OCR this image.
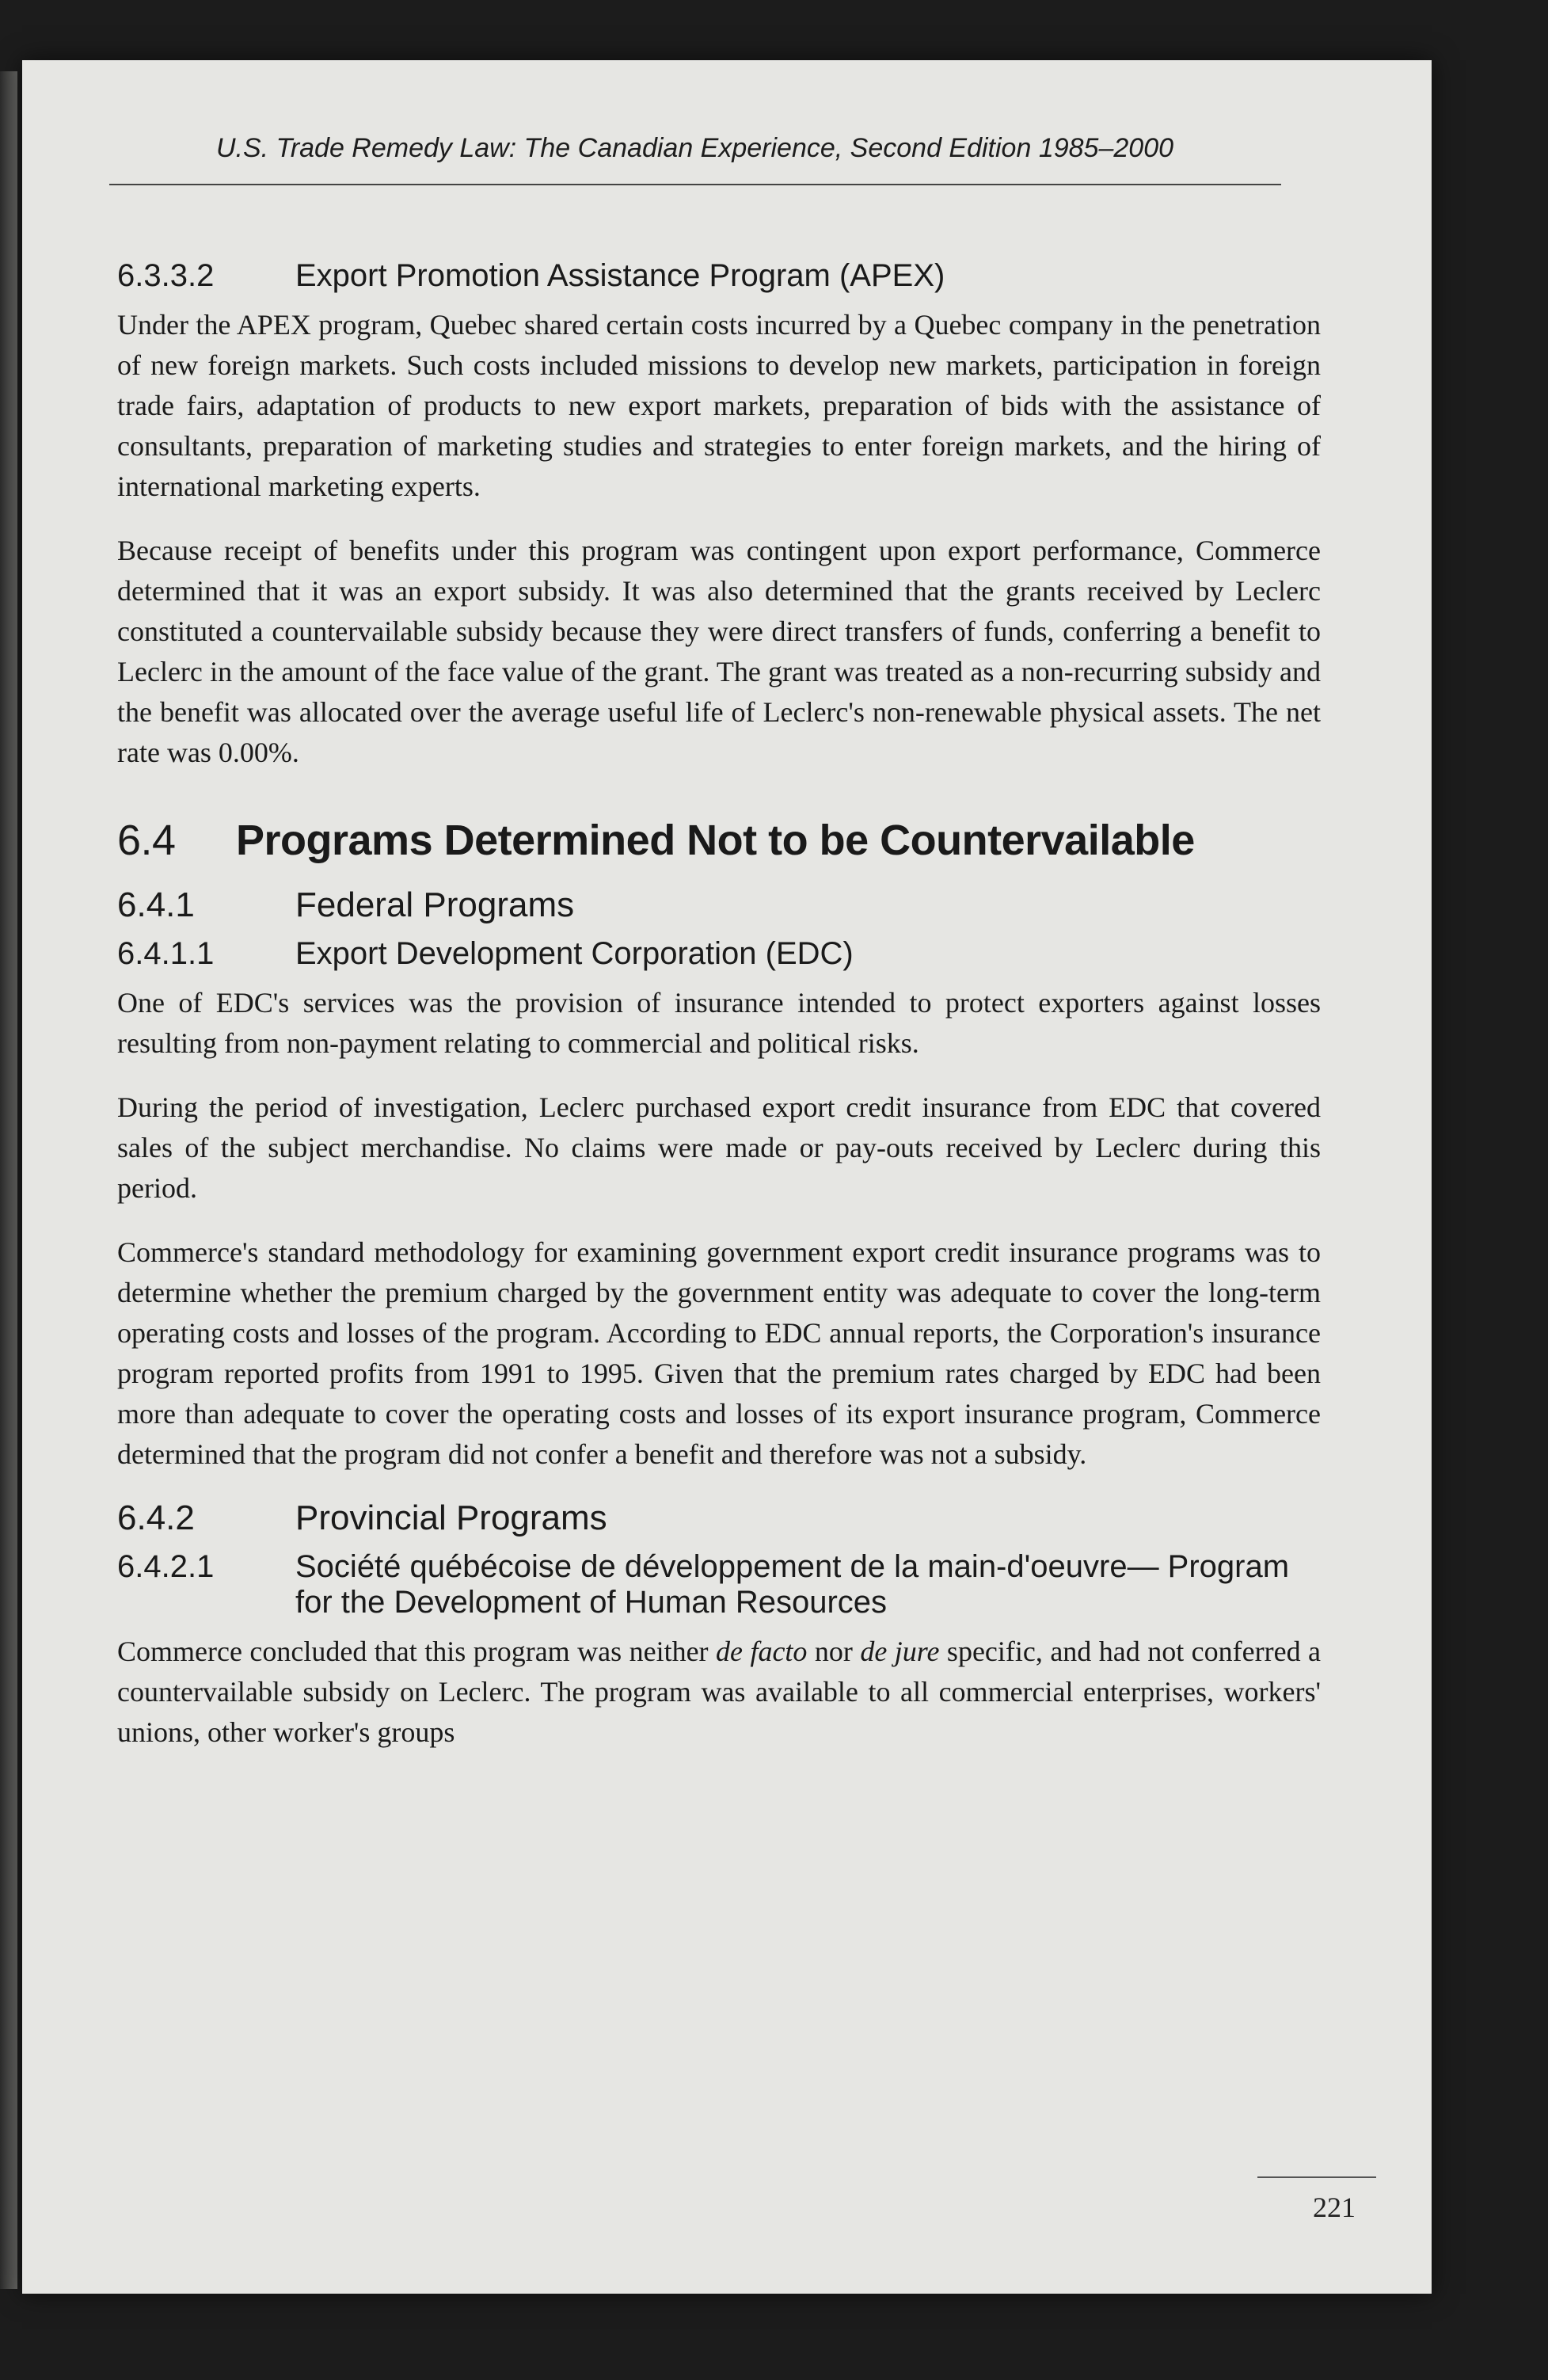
U.S. Trade Remedy Law: The Canadian Experience, Second Edition 1985–2000
6.3.3.2	Export Promotion Assistance Program (APEX)

Under the APEX program, Quebec shared certain costs incurred by a Quebec company in the penetration of new foreign markets. Such costs included missions to develop new markets, participation in foreign trade fairs, adaptation of products to new export markets, preparation of bids with the assistance of consultants, preparation of marketing studies and strategies to enter foreign markets, and the hiring of international marketing experts.

Because receipt of benefits under this program was contingent upon export performance, Commerce determined that it was an export subsidy. It was also determined that the grants received by Leclerc constituted a countervailable subsidy because they were direct transfers of funds, conferring a benefit to Leclerc in the amount of the face value of the grant. The grant was treated as a non-recurring subsidy and the benefit was allocated over the average useful life of Leclerc's non-renewable physical assets. The net rate was 0.00%.

6.4	Programs Determined Not to be Countervailable
6.4.1	Federal Programs
6.4.1.1	Export Development Corporation (EDC)

One of EDC's services was the provision of insurance intended to protect exporters against losses resulting from non-payment relating to commercial and political risks.

During the period of investigation, Leclerc purchased export credit insurance from EDC that covered sales of the subject merchandise. No claims were made or pay-outs received by Leclerc during this period.

Commerce's standard methodology for examining government export credit insurance programs was to determine whether the premium charged by the government entity was adequate to cover the long-term operating costs and losses of the program. According to EDC annual reports, the Corporation's insurance program reported profits from 1991 to 1995. Given that the premium rates charged by EDC had been more than adequate to cover the operating costs and losses of its export insurance program, Commerce determined that the program did not confer a benefit and therefore was not a subsidy.

6.4.2	Provincial Programs
6.4.2.1	Société québécoise de développement de la main-d'oeuvre— Program for the Development of Human Resources

Commerce concluded that this program was neither de facto nor de jure specific, and had not conferred a countervailable subsidy on Leclerc. The program was available to all commercial enterprises, workers' unions, other worker's groups

221
